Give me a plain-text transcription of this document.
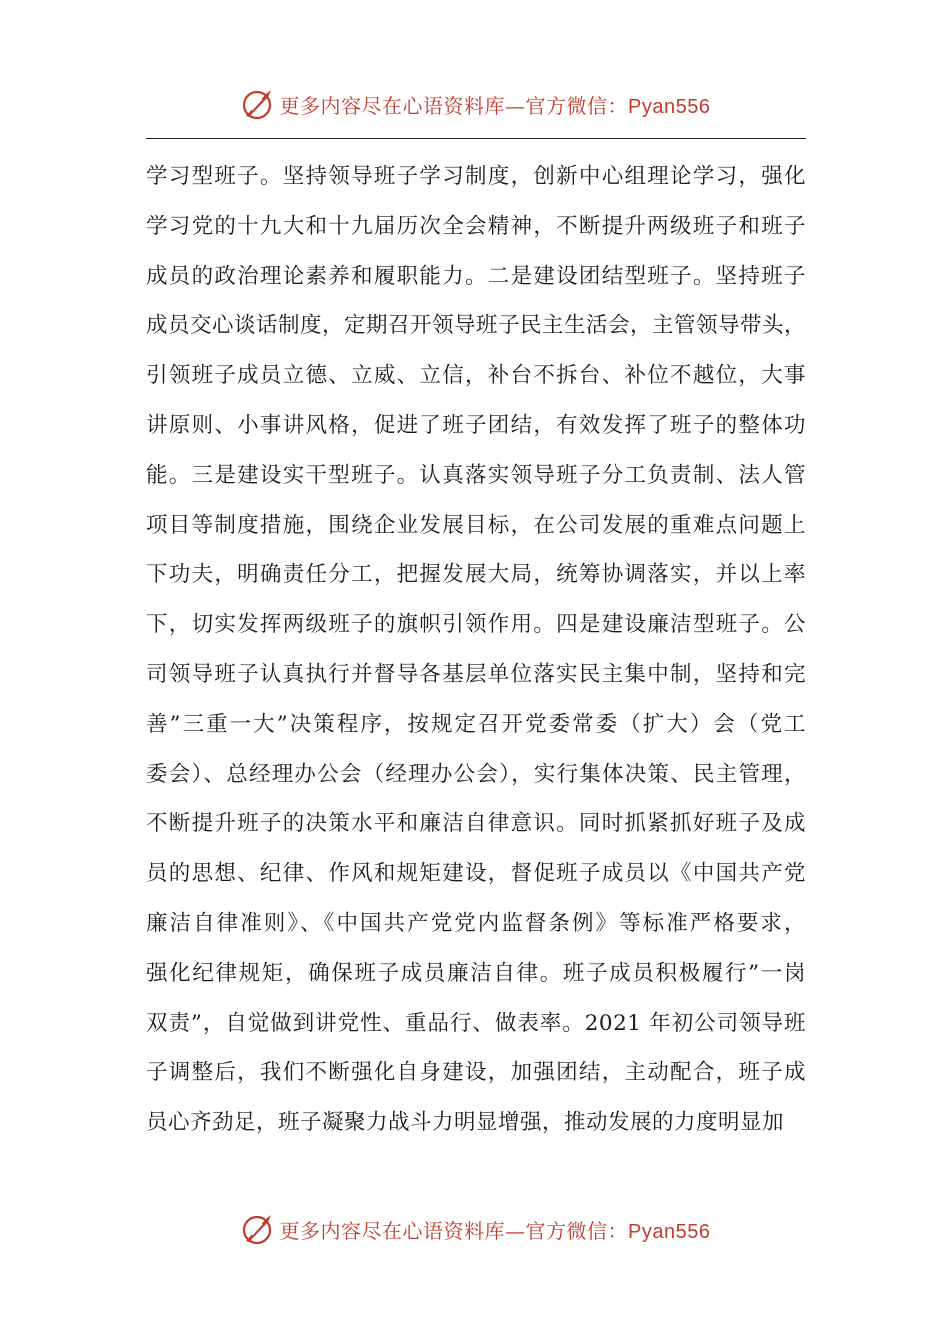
更多内容尽在心语资料库—官方微信：Pyan556
学习型班子。坚持领导班子学习制度，创新中心组理论学习，强化
学习党的十九大和十九届历次全会精神，不断提升两级班子和班子
成员的政治理论素养和履职能力。二是建设团结型班子。坚持班子
成员交心谈话制度，定期召开领导班子民主生活会，主管领导带头，
引领班子成员立德、立威、立信，补台不拆台、补位不越位，大事
讲原则、小事讲风格，促进了班子团结，有效发挥了班子的整体功
能。三是建设实干型班子。认真落实领导班子分工负责制、法人管
项目等制度措施，围绕企业发展目标，在公司发展的重难点问题上
下功夫，明确责任分工，把握发展大局，统筹协调落实，并以上率
下，切实发挥两级班子的旗帜引领作用。四是建设廉洁型班子。公
司领导班子认真执行并督导各基层单位落实民主集中制，坚持和完
善”三重一大”决策程序，按规定召开党委常委（扩大）会（党工
委会）、总经理办公会（经理办公会），实行集体决策、民主管理，
不断提升班子的决策水平和廉洁自律意识。同时抓紧抓好班子及成
员的思想、纪律、作风和规矩建设，督促班子成员以《中国共产党
廉洁自律准则》、《中国共产党党内监督条例》等标准严格要求，
强化纪律规矩，确保班子成员廉洁自律。班子成员积极履行”一岗
双责”，自觉做到讲党性、重品行、做表率。2021 年初公司领导班
子调整后，我们不断强化自身建设，加强团结，主动配合，班子成
员心齐劲足，班子凝聚力战斗力明显增强，推动发展的力度明显加
更多内容尽在心语资料库—官方微信：Pyan556
